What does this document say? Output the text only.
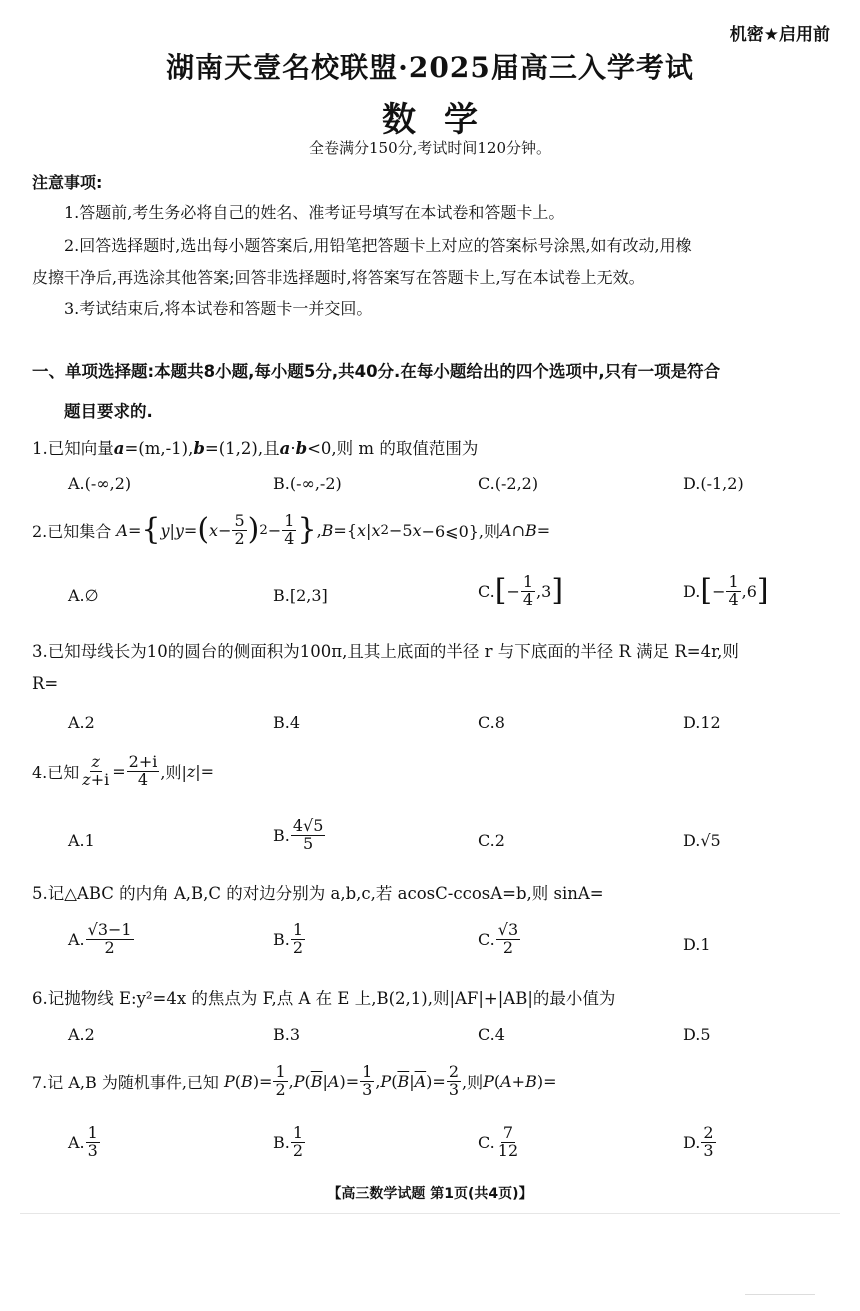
机密★启用前
湖南天壹名校联盟·2025届高三入学考试
数学
全卷满分150分,考试时间120分钟。
注意事项:
1.答题前,考生务必将自己的姓名、准考证号填写在本试卷和答题卡上。
2.回答选择题时,选出每小题答案后,用铅笔把答题卡上对应的答案标号涂黑,如有改动,用橡
皮擦干净后,再选涂其他答案;回答非选择题时,将答案写在答题卡上,写在本试卷上无效。
3.考试结束后,将本试卷和答题卡一并交回。
一、单项选择题:本题共8小题,每小题5分,共40分.在每小题给出的四个选项中,只有一项是符合
题目要求的.
1.已知向量a=(m,-1),b=(1,2),且a·b<0,则 m 的取值范围为
A.(-∞,2)	B.(-∞,-2)	C.(-2,2)	D.(-1,2)
2.已知集合
A = { y | y = ( $x - \frac{5}{2}$ ) $2 - \frac{1}{4}$ } , B ={ x | x 2 −5 x −6⩽0},则 A ∩ B =
A.∅	B.[2,3]	C. [ − $\frac{1}{4} ,3$ ]	D. [ − $\frac{1}{4} ,6$ ]
3.已知母线长为10的圆台的侧面积为100π,且其上底面的半径 r 与下底面的半径 R 满足 R=4r,则
R=
A.2	B.4	C.8	D.12
4.已知 $\frac{z}{z+i} = \frac{2+i}{4}$ ,则| z |=
A.1	B. $\frac{4√5}{5}$	C.2	D.√5
5.记△ABC 的内角 A,B,C 的对边分别为 a,b,c,若 acosC-ccosA=b,则 sinA=
A. $\frac{√3-1}{2}$	B. $\frac{1}{2}$	C. $\frac{√3}{2}$	D.1
6.记抛物线 E:y²=4x 的焦点为 F,点 A 在 E 上,B(2,1),则|AF|+|AB|的最小值为
A.2	B.3	C.4	D.5
7.记 A,B 为随机事件,已知
P ( B )= $\frac{1}{2}$ , P ( $\overline{B}$ | A )= $\frac{1}{3}$ , P ( $\overline{B}$ | $\overline{A}$ )= $\frac{2}{3}$ ,则 P ( A + B )=
A. $\frac{1}{3}$	B. $\frac{1}{2}$	C. $\frac{7}{12}$	D. $\frac{2}{3}$
【高三数学试题 第1页(共4页)】
